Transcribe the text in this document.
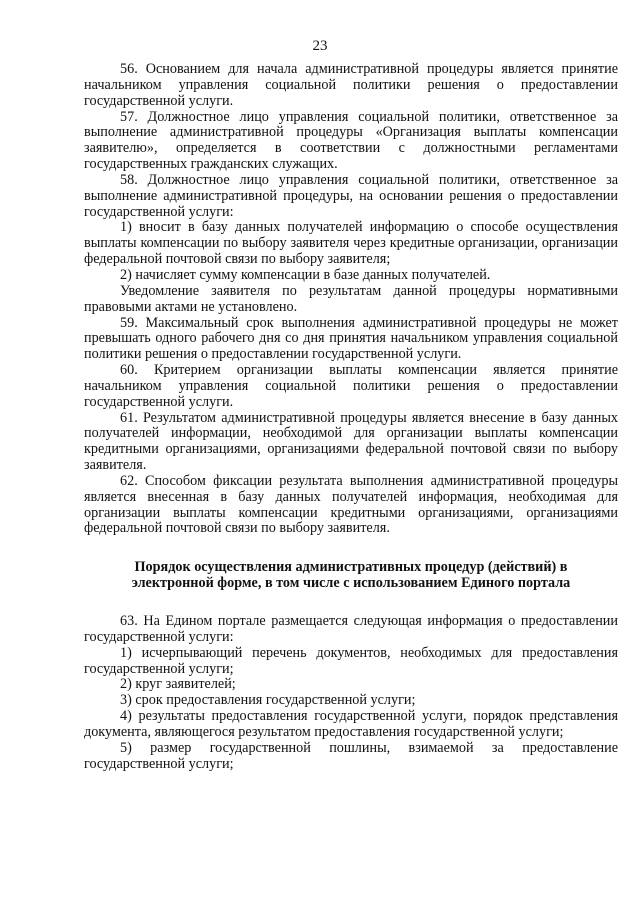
23

56. Основанием для начала административной процедуры является принятие начальником управления социальной политики решения о предоставлении государственной услуги.

57. Должностное лицо управления социальной политики, ответственное за выполнение административной процедуры «Организация выплаты компенсации заявителю», определяется в соответствии с должностными регламентами государственных гражданских служащих.

58. Должностное лицо управления социальной политики, ответственное за выполнение административной процедуры, на основании решения о предоставлении государственной услуги:

1) вносит в базу данных получателей информацию о способе осуществления выплаты компенсации по выбору заявителя через кредитные организации, организации федеральной почтовой связи по выбору заявителя;

2) начисляет сумму компенсации в базе данных получателей.

Уведомление заявителя по результатам данной процедуры нормативными правовыми актами не установлено.

59. Максимальный срок выполнения административной процедуры не может превышать одного рабочего дня со дня принятия начальником управления социальной политики решения о предоставлении государственной услуги.

60. Критерием организации выплаты компенсации является принятие начальником управления социальной политики решения о предоставлении государственной услуги.

61. Результатом административной процедуры является внесение в базу данных получателей информации, необходимой для организации выплаты компенсации кредитными организациями, организациями федеральной почтовой связи по выбору заявителя.

62. Способом фиксации результата выполнения административной процедуры является внесенная в базу данных получателей информация, необходимая для организации выплаты компенсации кредитными организациями, организациями федеральной почтовой связи по выбору заявителя.

Порядок осуществления административных процедур (действий) в электронной форме, в том числе с использованием Единого портала

63. На Едином портале размещается следующая информация о предоставлении государственной услуги:

1) исчерпывающий перечень документов, необходимых для предоставления государственной услуги;

2) круг заявителей;

3) срок предоставления государственной услуги;

4) результаты предоставления государственной услуги, порядок представления документа, являющегося результатом предоставления государственной услуги;

5) размер государственной пошлины, взимаемой за предоставление государственной услуги;
